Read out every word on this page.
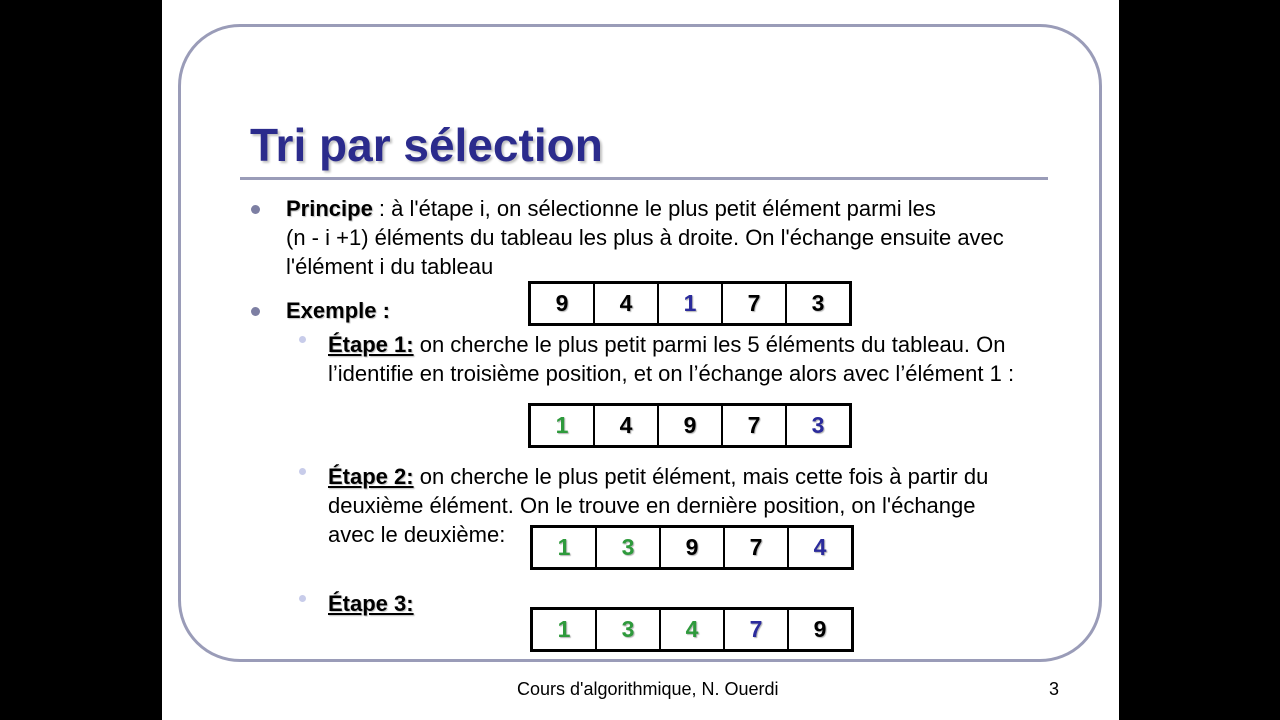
Tri par sélection
Principe : à l'étape i, on sélectionne le plus petit élément parmi les
(n - i +1) éléments du tableau les plus à droite. On l'échange ensuite avec
l'élément i du tableau
Exemple :	9	4	1	7	3
Étape 1: on cherche le plus petit parmi les 5 éléments du tableau. On
l’identifie en troisième position, et on l’échange alors avec l’élément 1 :
1	4	9	7	3
Étape 2: on cherche le plus petit élément, mais cette fois à partir du
deuxième élément. On le trouve en dernière position, on l'échange
avec le deuxième: 1	3	9	7	4
Étape 3:
1	3	4	7	9
Cours d'algorithmique, N. Ouerdi	3
